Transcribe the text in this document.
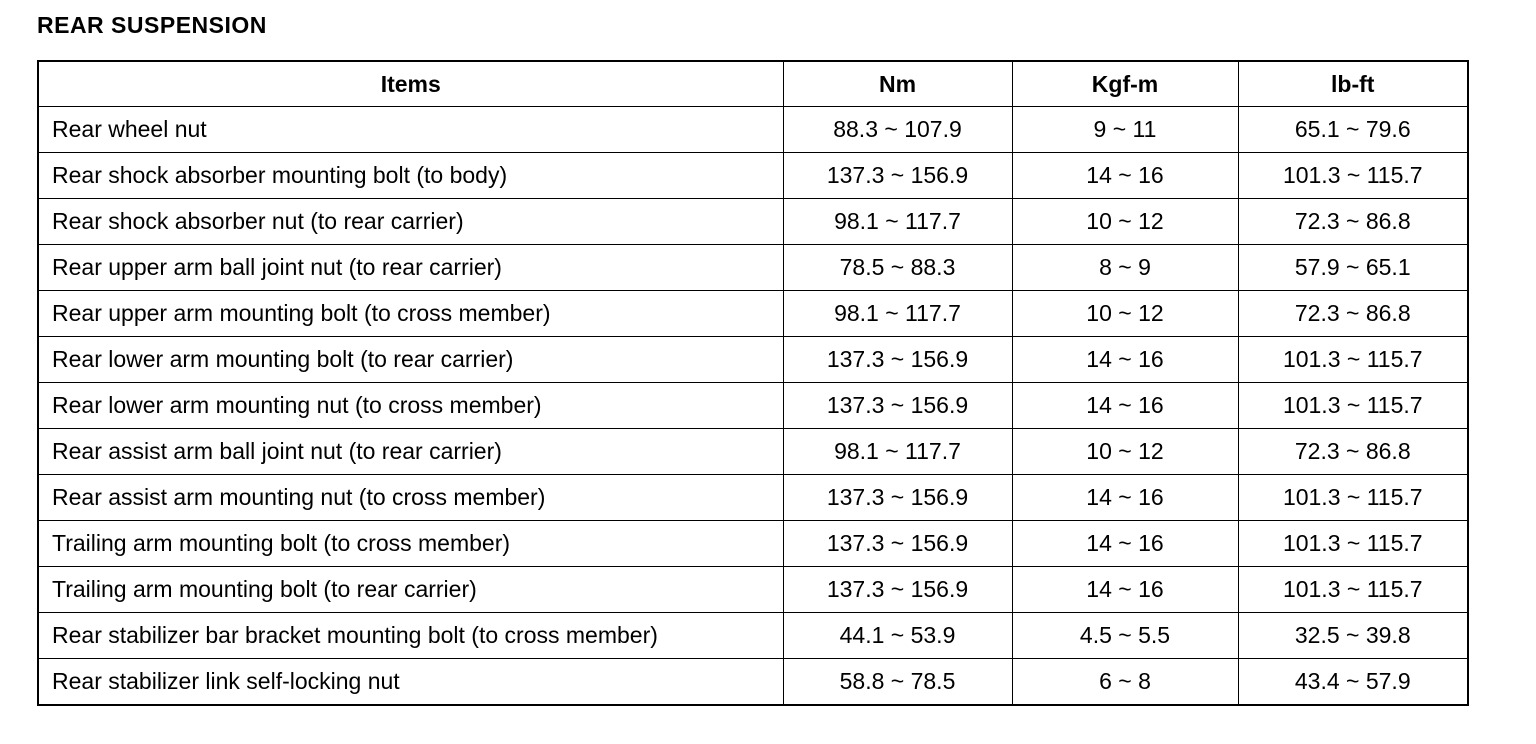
REAR SUSPENSION
Items	Nm	Kgf-m	lb-ft
Rear wheel nut	88.3 ~ 107.9	9 ~ 11	65.1 ~ 79.6
Rear shock absorber mounting bolt (to body)	137.3 ~ 156.9	14 ~ 16	101.3 ~ 115.7
Rear shock absorber nut (to rear carrier)	98.1 ~ 117.7	10 ~ 12	72.3 ~ 86.8
Rear upper arm ball joint nut (to rear carrier)	78.5 ~ 88.3	8 ~ 9	57.9 ~ 65.1
Rear upper arm mounting bolt (to cross member)	98.1 ~ 117.7	10 ~ 12	72.3 ~ 86.8
Rear lower arm mounting bolt (to rear carrier)	137.3 ~ 156.9	14 ~ 16	101.3 ~ 115.7
Rear lower arm mounting nut (to cross member)	137.3 ~ 156.9	14 ~ 16	101.3 ~ 115.7
Rear assist arm ball joint nut (to rear carrier)	98.1 ~ 117.7	10 ~ 12	72.3 ~ 86.8
Rear assist arm mounting nut (to cross member)	137.3 ~ 156.9	14 ~ 16	101.3 ~ 115.7
Trailing arm mounting bolt (to cross member)	137.3 ~ 156.9	14 ~ 16	101.3 ~ 115.7
Trailing arm mounting bolt (to rear carrier)	137.3 ~ 156.9	14 ~ 16	101.3 ~ 115.7
Rear stabilizer bar bracket mounting bolt (to cross member)	44.1 ~ 53.9	4.5 ~ 5.5	32.5 ~ 39.8
Rear stabilizer link self-locking nut	58.8 ~ 78.5	6 ~ 8	43.4 ~ 57.9
